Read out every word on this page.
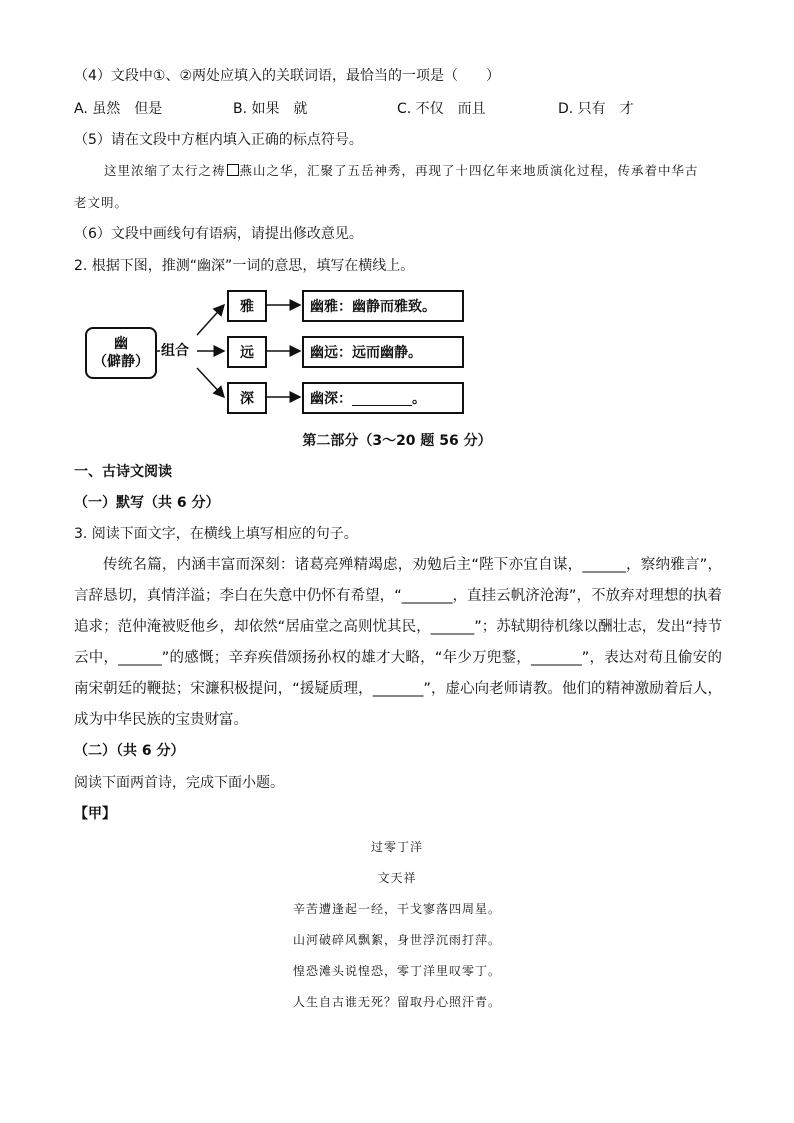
（4）文段中①、②两处应填入的关联词语，最恰当的一项是（　　）
A. 虽然　但是	B. 如果　就	C. 不仅　而且	D. 只有　才
（5）请在文段中方框内填入正确的标点符号。
这里浓缩了太行之祷 燕山之华，汇聚了五岳神秀，再现了十四亿年来地质演化过程，传承着中华古
老文明。
（6）文段中画线句有语病，请提出修改意见。
2. 根据下图，推测“幽深”一词的意思，填写在横线上。
幽
（僻静）
组合
雅
远
深
幽雅：幽静而雅致。
幽远：远而幽静。
幽深：	。
第二部分（3～20 题 56 分）
一、古诗文阅读
（一）默写（共 6 分）
3. 阅读下面文字，在横线上填写相应的句子。
传统名篇，内涵丰富而深刻：诸葛亮殚精竭虑，劝勉后主“陛下亦宜自谋，______，察纳雅言”，言辞恳切，真情洋溢；李白在失意中仍怀有希望，“_______，直挂云帆济沧海”，不放弃对理想的执着追求；范仲淹被贬他乡，却依然“居庙堂之高则忧其民，______”；苏轼期待机缘以酬壮志，发出“持节云中，______”的感慨；辛弃疾借颂扬孙权的雄才大略，“年少万兜鍪，_______”，表达对苟且偷安的南宋朝廷的鞭挞；宋濂积极提问，“援疑质理，_______”，虚心向老师请教。他们的精神激励着后人，成为中华民族的宝贵财富。
（二）（共 6 分）
阅读下面两首诗，完成下面小题。
【甲】
过零丁洋
文天祥
辛苦遭逢起一经，干戈寥落四周星。
山河破碎风飘絮，身世浮沉雨打萍。
惶恐滩头说惶恐，零丁洋里叹零丁。
人生自古谁无死？留取丹心照汗青。
